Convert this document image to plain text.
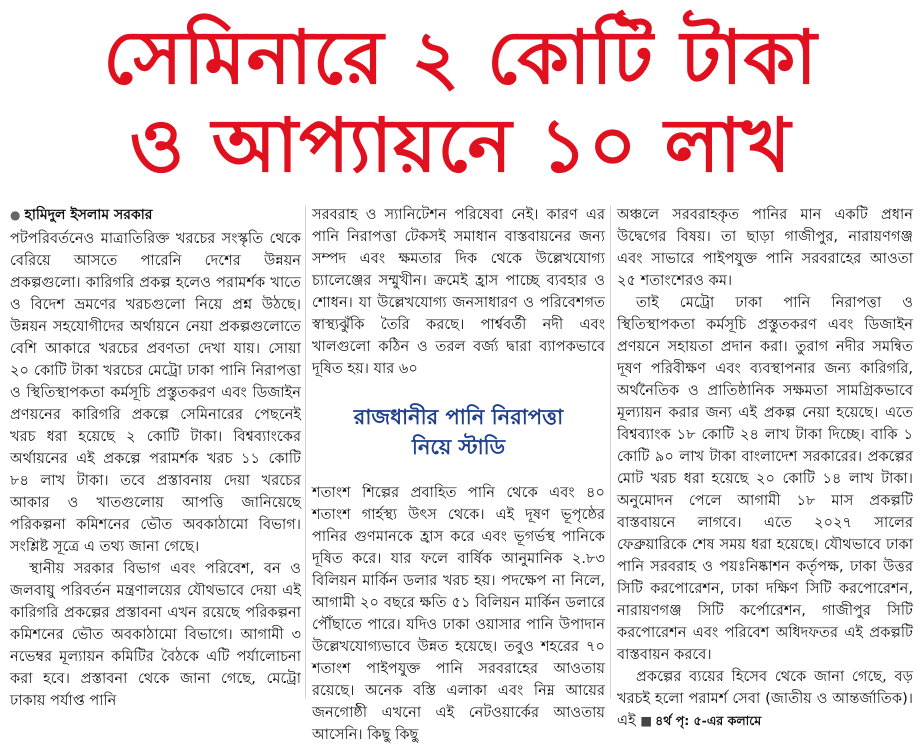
সেমিনারে ২ কোটি টাকা
ও আপ্যায়নে ১০ লাখ
● হামিদুল ইসলাম সরকার

পটপরিবর্তনেও মাত্রাতিরিক্ত খরচের সংস্কৃতি থেকে বেরিয়ে আসতে পারেনি দেশের উন্নয়ন প্রকল্পগুলো। কারিগরি প্রকল্প হলেও পরামর্শক খাতে ও বিদেশ ভ্রমণের খরচগুলো নিয়ে প্রশ্ন উঠছে। উন্নয়ন সহযোগীদের অর্থায়নে নেয়া প্রকল্পগুলোতে বেশি আকারে খরচের প্রবণতা দেখা যায়। সোয়া ২০ কোটি টাকা খরচের মেট্রো ঢাকা পানি নিরাপত্তা ও স্থিতিস্থাপকতা কর্মসূচি প্রস্তুতকরণ এবং ডিজাইন প্রণয়নের কারিগরি প্রকল্পে সেমিনারের পেছনেই খরচ ধরা হয়েছে ২ কোটি টাকা। বিশ্বব্যাংকের অর্থায়নের এই প্রকল্পে পরামর্শক খরচ ১১ কোটি ৮৪ লাখ টাকা। তবে প্রস্তাবনায় দেয়া খরচের আকার ও খাতগুলোয় আপত্তি জানিয়েছে পরিকল্পনা কমিশনের ভৌত অবকাঠামো বিভাগ। সংশ্লিষ্ট সূত্রে এ তথ্য জানা গেছে।

স্থানীয় সরকার বিভাগ এবং পরিবেশ, বন ও জলবায়ু পরিবর্তন মন্ত্রণালয়ের যৌথভাবে দেয়া এই কারিগরি প্রকল্পের প্রস্তাবনা এখন রয়েছে পরিকল্পনা কমিশনের ভৌত অবকাঠামো বিভাগে। আগামী ৩ নভেম্বর মূল্যায়ন কমিটির বৈঠকে এটি পর্যালোচনা করা হবে। প্রস্তাবনা থেকে জানা গেছে, মেট্রো ঢাকায় পর্যাপ্ত পানি

সরবরাহ ও স্যানিটেশন পরিষেবা নেই। কারণ এর পানি নিরাপত্তা টেকসই সমাধান বাস্তবায়নের জন্য সম্পদ এবং ক্ষমতার দিক থেকে উল্লেখযোগ্য চ্যালেঞ্জের সম্মুখীন। ক্রমেই হ্রাস পাচ্ছে ব্যবহার ও শোধন। যা উল্লেখযোগ্য জনসাধারণ ও পরিবেশগত স্বাস্থ্যঝুঁকি তৈরি করছে। পার্শ্ববর্তী নদী এবং খালগুলো কঠিন ও তরল বর্জ্য দ্বারা ব্যাপকভাবে দূষিত হয়। যার ৬০

রাজধানীর পানি নিরাপত্তা
নিয়ে স্টাডি

শতাংশ শিল্পের প্রবাহিত পানি থেকে এবং ৪০ শতাংশ গার্হস্থ্য উৎস থেকে। এই দূষণ ভূপৃষ্ঠের পানির গুণমানকে হ্রাস করে এবং ভূগর্ভস্থ পানিকে দূষিত করে। যার ফলে বার্ষিক আনুমানিক ২.৮৩ বিলিয়ন মার্কিন ডলার খরচ হয়। পদক্ষেপ না নিলে, আগামী ২০ বছরে ক্ষতি ৫১ বিলিয়ন মার্কিন ডলারে পৌঁছাতে পারে। যদিও ঢাকা ওয়াসার পানি উপাদান উল্লেখযোগ্যভাবে উন্নত হয়েছে। তবুও শহরের ৭০ শতাংশ পাইপযুক্ত পানি সরবরাহের আওতায় রয়েছে। অনেক বস্তি এলাকা এবং নিম্ন আয়ের জনগোষ্ঠী এখনো এই নেটওয়ার্কের আওতায় আসেনি। কিছু কিছু

অঞ্চলে সরবরাহকৃত পানির মান একটি প্রধান উদ্বেগের বিষয়। তা ছাড়া গাজীপুর, নারায়ণগঞ্জ এবং সাভারে পাইপযুক্ত পানি সরবরাহের আওতা ২৫ শতাংশেরও কম।

তাই মেট্রো ঢাকা পানি নিরাপত্তা ও স্থিতিস্থাপকতা কর্মসূচি প্রস্তুতকরণ এবং ডিজাইন প্রণয়নে সহায়তা প্রদান করা। তুরাগ নদীর সমন্বিত দূষণ পরিবীক্ষণ এবং ব্যবস্থাপনার জন্য কারিগরি, অর্থনৈতিক ও প্রাতিষ্ঠানিক সক্ষমতা সামগ্রিকভাবে মূল্যায়ন করার জন্য এই প্রকল্প নেয়া হয়েছে। এতে বিশ্বব্যাংক ১৮ কোটি ২৪ লাখ টাকা দিচ্ছে। বাকি ১ কোটি ৯০ লাখ টাকা বাংলাদেশ সরকারের। প্রকল্পের মোট খরচ ধরা হয়েছে ২০ কোটি ১৪ লাখ টাকা। অনুমোদন পেলে আগামী ১৮ মাস প্রকল্পটি বাস্তবায়নে লাগবে। এতে ২০২৭ সালের ফেব্রুয়ারিকে শেষ সময় ধরা হয়েছে। যৌথভাবে ঢাকা পানি সরবরাহ ও পয়ঃনিষ্কাশন কর্তৃপক্ষ, ঢাকা উত্তর সিটি করপোরেশন, ঢাকা দক্ষিণ সিটি করপোরেশন, নারায়ণগঞ্জ সিটি কর্পোরেশন, গাজীপুর সিটি করপোরেশন এবং পরিবেশ অধিদফতর এই প্রকল্পটি বাস্তবায়ন করবে।

প্রকল্পের ব্যয়ের হিসেব থেকে জানা গেছে, বড় খরচই হলো পরামর্শ সেবা (জাতীয় ও আন্তর্জাতিক)। এই ■ ৪র্থ পৃ: ৫-এর কলামে
